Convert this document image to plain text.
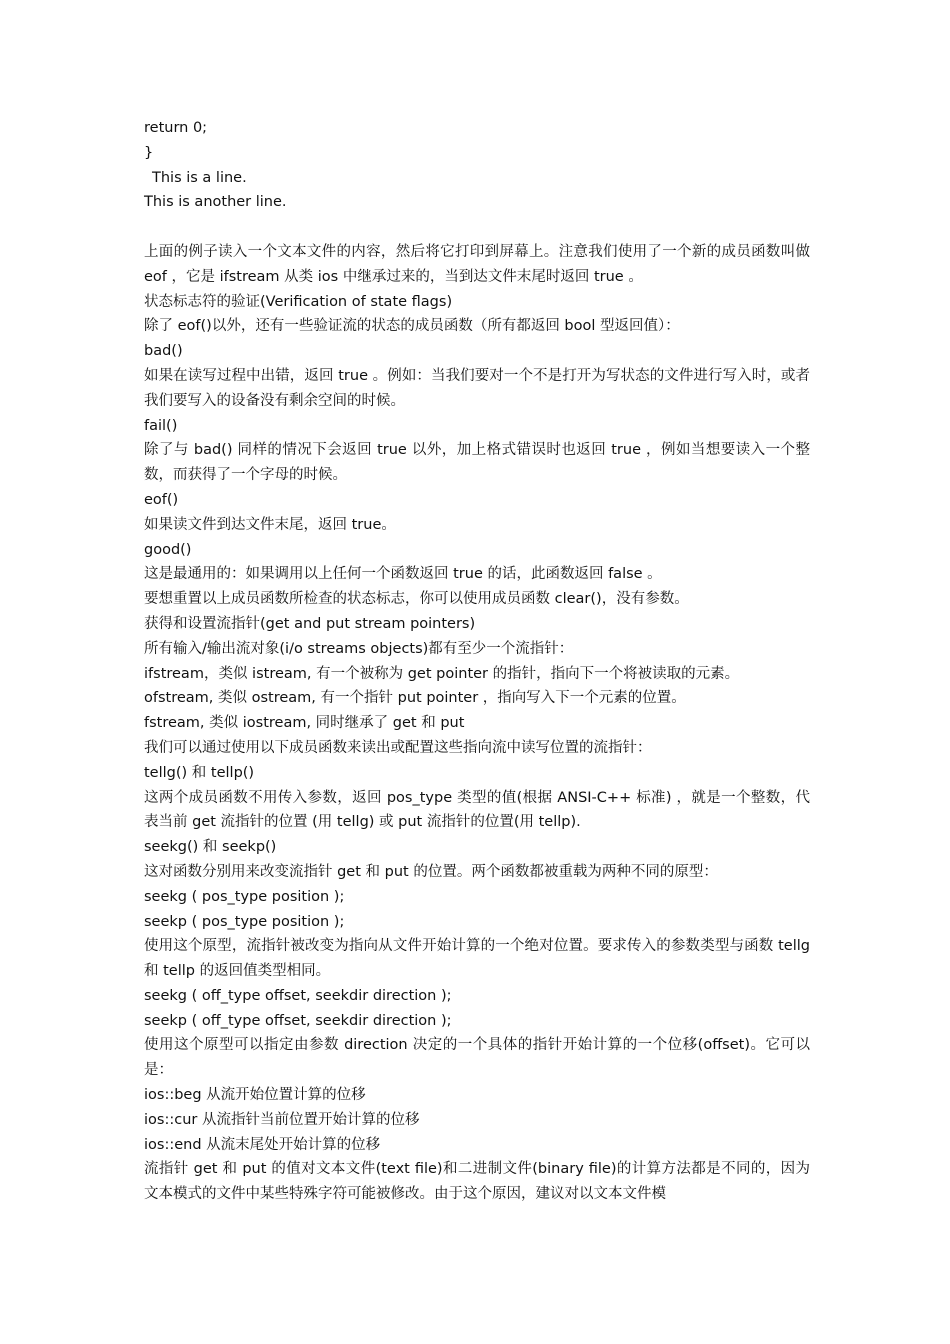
return 0;

}

This is a line.

This is another line.

上面的例子读入一个文本文件的内容，然后将它打印到屏幕上。注意我们使用了一个新的成员函数叫做 eof ，它是 ifstream 从类 ios 中继承过来的，当到达文件末尾时返回 true 。

状态标志符的验证(Verification of state flags)

除了 eof()以外，还有一些验证流的状态的成员函数（所有都返回 bool 型返回值）：

bad()

如果在读写过程中出错，返回 true 。例如：当我们要对一个不是打开为写状态的文件进行写入时，或者我们要写入的设备没有剩余空间的时候。

fail()

除了与 bad() 同样的情况下会返回 true 以外，加上格式错误时也返回 true ，例如当想要读入一个整数，而获得了一个字母的时候。

eof()

如果读文件到达文件末尾，返回 true。

good()

这是最通用的：如果调用以上任何一个函数返回 true 的话，此函数返回 false 。

要想重置以上成员函数所检查的状态标志，你可以使用成员函数 clear()，没有参数。

获得和设置流指针(get and put stream pointers)

所有输入/输出流对象(i/o streams objects)都有至少一个流指针：

ifstream，类似 istream, 有一个被称为 get pointer 的指针，指向下一个将被读取的元素。

ofstream, 类似 ostream, 有一个指针 put pointer ，指向写入下一个元素的位置。

fstream, 类似 iostream, 同时继承了 get 和 put

我们可以通过使用以下成员函数来读出或配置这些指向流中读写位置的流指针：

tellg() 和 tellp()

这两个成员函数不用传入参数，返回 pos_type 类型的值(根据 ANSI-C++ 标准) ，就是一个整数，代表当前 get 流指针的位置 (用 tellg) 或 put 流指针的位置(用 tellp).

seekg() 和 seekp()

这对函数分别用来改变流指针 get 和 put 的位置。两个函数都被重载为两种不同的原型：

seekg ( pos_type position );

seekp ( pos_type position );

使用这个原型，流指针被改变为指向从文件开始计算的一个绝对位置。要求传入的参数类型与函数 tellg 和 tellp 的返回值类型相同。

seekg ( off_type offset, seekdir direction );

seekp ( off_type offset, seekdir direction );

使用这个原型可以指定由参数 direction 决定的一个具体的指针开始计算的一个位移(offset)。它可以是：

ios::beg 从流开始位置计算的位移

ios::cur 从流指针当前位置开始计算的位移

ios::end 从流末尾处开始计算的位移

流指针 get 和 put 的值对文本文件(text file)和二进制文件(binary file)的计算方法都是不同的，因为文本模式的文件中某些特殊字符可能被修改。由于这个原因，建议对以文本文件模
